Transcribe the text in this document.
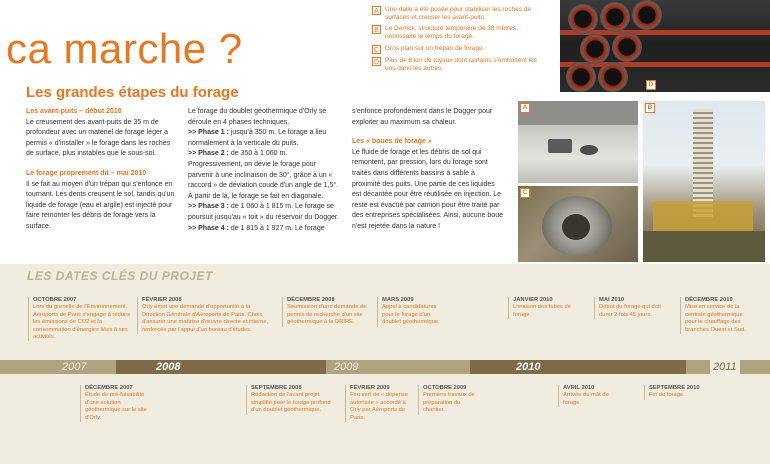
ca marche ?
A Une dalle a été posée pour stabiliser les roches de surfaces et creuser les avant-puits.
B Le Derrick, structure temporaire de 38 mètres, nécessaire le temps du forage.
C Gros plan sur un trépan de forage.
D Plus de 8 km de tuyaux dont certains s'emboîtent les uns dans les autres.
D
Les grandes étapes du forage
Les avant-puits – début 2010

Le creusement des avant-puits de 35 m de profondeur avec un matériel de forage léger a permis « d'installer » le forage dans les roches de surface, plus instables que le sous-sol.

Le forage proprement dit – mai 2010

Il se fait au moyen d'un trépan qui s'enfonce en tournant. Les dents creusent le sol, tandis qu'un liquide de forage (eau et argile) est injecté pour faire remonter les débris de forage vers la surface.

Le forage du doublet géothermique d'Orly se déroule en 4 phases techniques.

>> Phase 1 : jusqu'à 350 m. Le forage a lieu normalement à la verticale du puits.
>> Phase 2 : de 350 à 1 060 m. Progressivement, on dévie le forage pour parvenir à une inclinaison de 30°, grâce à un « raccord » de déviation coudé d'un angle de 1,5°. À partir de là, le forage se fait en diagonale.
>> Phase 3 : de 1 060 à 1 815 m. Le forage se poursuit jusqu'au « toit » du réservoir du Dogger.
>> Phase 4 : de 1 815 à 1 927 m. Le forage

s'enfonce profondément dans le Dogger pour exploiter au maximum sa chaleur.

Les « boues de forage »

Le fluide de forage et les débris de sol qui remontent, par pression, lors du forage sont traités dans différents bassins à sable à proximité des puits. Une partie de ces liquides est décantée pour être réutilisée en injection. Le reste est évacué par camion pour être traité par des entreprises spécialisées. Ainsi, aucune boue n'est rejetée dans la nature !

A
C
B
LES DATES CLÉS DU PROJET
OCTOBRE 2007
Lors du grenelle de l'Environnement, Aéroports de Paris s'engage à réduire les émissions de CO2 et la consommation d'énergies liées à ses activités.
FÉVRIER 2008
Orly émet une demande d'opportunité à la Direction Générale d'Aéroports de Paris. Choix d'assurer une maîtrise d'œuvre directe et interne, renforcée par l'appui d'un bureau d'études.
DÉCEMBRE 2008
Soumission d'une demande de permis de recherche d'un site géothermique à la DRIRE.
MARS 2009
Appel à candidatures pour le forage d'un doublet géothermique.
JANVIER 2010
Livraison des tubes de forage.
MAI 2010
Début du forage qui doit durer 2 fois 45 jours.
DÉCEMBRE 2010
Mise en service de la centrale géothermique pour le chauffage des branches Ouest et Sud.
2007	2008	2009	2010	2011
DÉCEMBRE 2007
Étude de pré-faisabilité d'une solution géothermique sur le site d'Orly.
SEPTEMBRE 2008
Rédaction de l'avant projet simplifié pour le forage profond d'un doublet géothermique.
FÉVRIER 2009
Feu vert de « dépense autorisée » accordé à Orly par Aéroports de Paris.
OCTOBRE 2009
Premiers travaux de préparation du chantier.
AVRIL 2010
Arrivée du mât de forage.
SEPTEMBRE 2010
Fin du forage.
